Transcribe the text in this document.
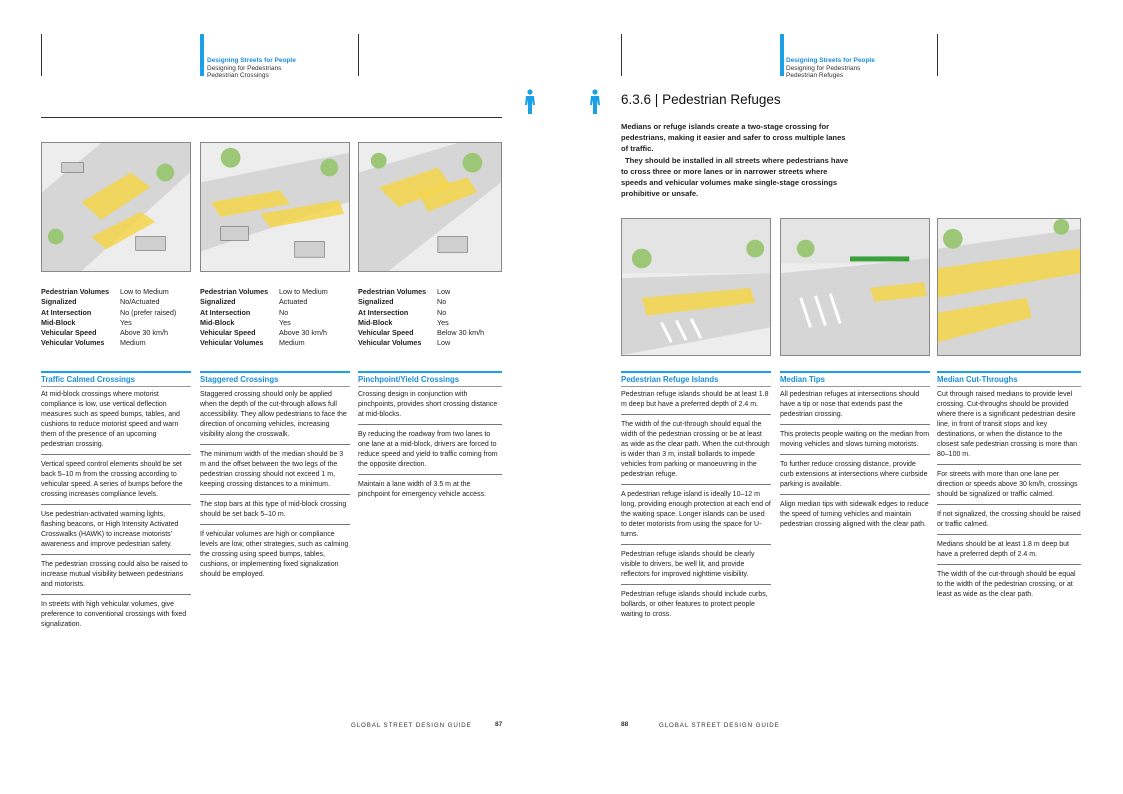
Designing Streets for People
Designing for Pedestrians
Pedestrian Crossings
Pedestrian Volumes	Low to Medium
Signalized	No/Actuated
At Intersection	No (prefer raised)
Mid-Block	Yes
Vehicular Speed	Above 30 km/h
Vehicular Volumes	Medium
Pedestrian Volumes	Low to Medium
Signalized	Actuated
At Intersection	No
Mid-Block	Yes
Vehicular Speed	Above 30 km/h
Vehicular Volumes	Medium
Pedestrian Volumes	Low
Signalized	No
At Intersection	No
Mid-Block	Yes
Vehicular Speed	Below 30 km/h
Vehicular Volumes	Low
Traffic Calmed Crossings	Staggered Crossings	Pinchpoint/Yield Crossings

At mid-block crossings where motorist compliance is low, use vertical deflection measures such as speed bumps, tables, and cushions to reduce motorist speed and warn them of the presence of an upcoming pedestrian crossing.

Vertical speed control elements should be set back 5–10 m from the crossing according to vehicular speed. A series of bumps before the crossing increases compliance levels.

Use pedestrian-activated warning lights, flashing beacons, or High Intensity Activated Crosswalks (HAWK) to increase motorists' awareness and improve pedestrian safety.

The pedestrian crossing could also be raised to increase mutual visibility between pedestrians and motorists.

In streets with high vehicular volumes, give preference to conventional crossings with fixed signalization.

Staggered crossing should only be applied when the depth of the cut-through allows full accessibility. They allow pedestrians to face the direction of oncoming vehicles, increasing visibility along the crosswalk.

The minimum width of the median should be 3 m and the offset between the two legs of the pedestrian crossing should not exceed 1 m, keeping crossing distances to a minimum.

The stop bars at this type of mid-block crossing should be set back 5–10 m.

If vehicular volumes are high or compliance levels are low, other strategies, such as calming the crossing using speed bumps, tables, cushions, or implementing fixed signalization should be employed.

Crossing design in conjunction with pinchpoints, provides short crossing distance at mid-blocks.

By reducing the roadway from two lanes to one lane at a mid-block, drivers are forced to reduce speed and yield to traffic coming from the opposite direction.

Maintain a lane width of 3.5 m at the pinchpoint for emergency vehicle access.

GLOBAL STREET DESIGN GUIDE	87
Designing Streets for People
Designing for Pedestrians
Pedestrian Refuges
6.3.6 | Pedestrian Refuges
Medians or refuge islands create a two-stage crossing for pedestrians, making it easier and safer to cross multiple lanes of traffic.
They should be installed in all streets where pedestrians have to cross three or more lanes or in narrower streets where speeds and vehicular volumes make single-stage crossings prohibitive or unsafe.
Pedestrian Refuge Islands	Median Tips	Median Cut-Throughs

Pedestrian refuge islands should be at least 1.8 m deep but have a preferred depth of 2.4 m.

The width of the cut-through should equal the width of the pedestrian crossing or be at least as wide as the clear path. When the cut-through is wider than 3 m, install bollards to impede vehicles from parking or manoeuvring in the pedestrian refuge.

A pedestrian refuge island is ideally 10–12 m long, providing enough protection at each end of the waiting space. Longer islands can be used to deter motorists from using the space for U-turns.

Pedestrian refuge islands should be clearly visible to drivers, be well lit, and provide reflectors for improved nighttime visibility.

Pedestrian refuge islands should include curbs, bollards, or other features to protect people waiting to cross.

All pedestrian refuges at intersections should have a tip or nose that extends past the pedestrian crossing.

This protects people waiting on the median from moving vehicles and slows turning motorists.

To further reduce crossing distance, provide curb extensions at intersections where curbside parking is available.

Align median tips with sidewalk edges to reduce the speed of turning vehicles and maintain pedestrian crossing aligned with the clear path.

Cut through raised medians to provide level crossing. Cut-throughs should be provided where there is a significant pedestrian desire line, in front of transit stops and key destinations, or when the distance to the closest safe pedestrian crossing is more than 80–100 m.

For streets with more than one lane per direction or speeds above 30 km/h, crossings should be signalized or traffic calmed.

If not signalized, the crossing should be raised or traffic calmed.

Medians should be at least 1.8 m deep but have a preferred depth of 2.4 m.

The width of the cut-through should be equal to the width of the pedestrian crossing, or at least as wide as the clear path.

88	GLOBAL STREET DESIGN GUIDE
